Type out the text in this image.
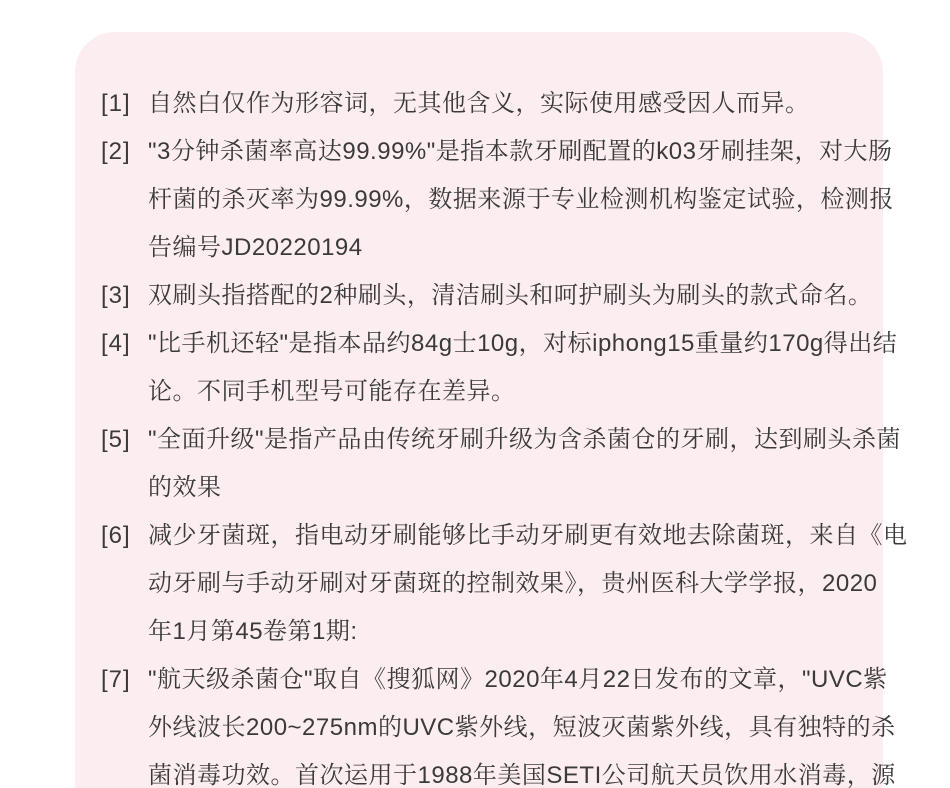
[1] 自然白仅作为形容词，无其他含义，实际使用感受因人而异。
[2] "3分钟杀菌率高达99.99%"是指本款牙刷配置的k03牙刷挂架，对大肠
杆菌的杀灭率为99.99%，数据来源于专业检测机构鉴定试验，检测报
告编号JD20220194
[3] 双刷头指搭配的2种刷头，清洁刷头和呵护刷头为刷头的款式命名。
[4] "比手机还轻"是指本品约84g士10g，对标iphong15重量约170g得出结
论。不同手机型号可能存在差异。
[5] "全面升级"是指产品由传统牙刷升级为含杀菌仓的牙刷，达到刷头杀菌
的效果
[6] 减少牙菌斑，指电动牙刷能够比手动牙刷更有效地去除菌斑，来自《电
动牙刷与手动牙刷对牙菌斑的控制效果》，贵州医科大学学报，2020
年1月第45卷第1期:
[7] "航天级杀菌仓"取自《搜狐网》2020年4月22日发布的文章，"UVC紫
外线波长200~275nm的UVC紫外线，短波灭菌紫外线，具有独特的杀
菌消毒功效。首次运用于1988年美国SETI公司航天员饮用水消毒，源
